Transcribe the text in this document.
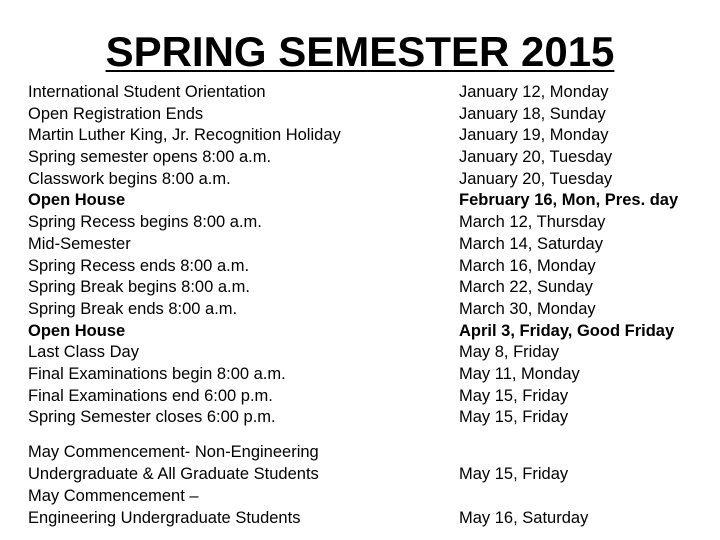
SPRING SEMESTER 2015
International Student Orientation	January 12, Monday
Open Registration Ends	January 18, Sunday
Martin Luther King, Jr. Recognition Holiday	January 19, Monday
Spring semester opens 8:00 a.m.	January 20, Tuesday
Classwork begins 8:00 a.m.	January 20, Tuesday
Open House	February 16, Mon, Pres. day
Spring Recess begins 8:00 a.m.	March 12, Thursday
Mid-Semester	March 14, Saturday
Spring Recess ends 8:00 a.m.	March 16, Monday
Spring Break begins 8:00 a.m.	March 22, Sunday
Spring Break ends 8:00 a.m.	March 30, Monday
Open House	April 3, Friday, Good Friday
Last Class Day	May 8, Friday
Final Examinations begin 8:00 a.m.	May 11, Monday
Final Examinations end 6:00 p.m.	May 15, Friday
Spring Semester closes 6:00 p.m.	May 15, Friday
May Commencement- Non-Engineering
Undergraduate & All Graduate Students	May 15, Friday
May Commencement –
Engineering Undergraduate Students	May 16, Saturday
